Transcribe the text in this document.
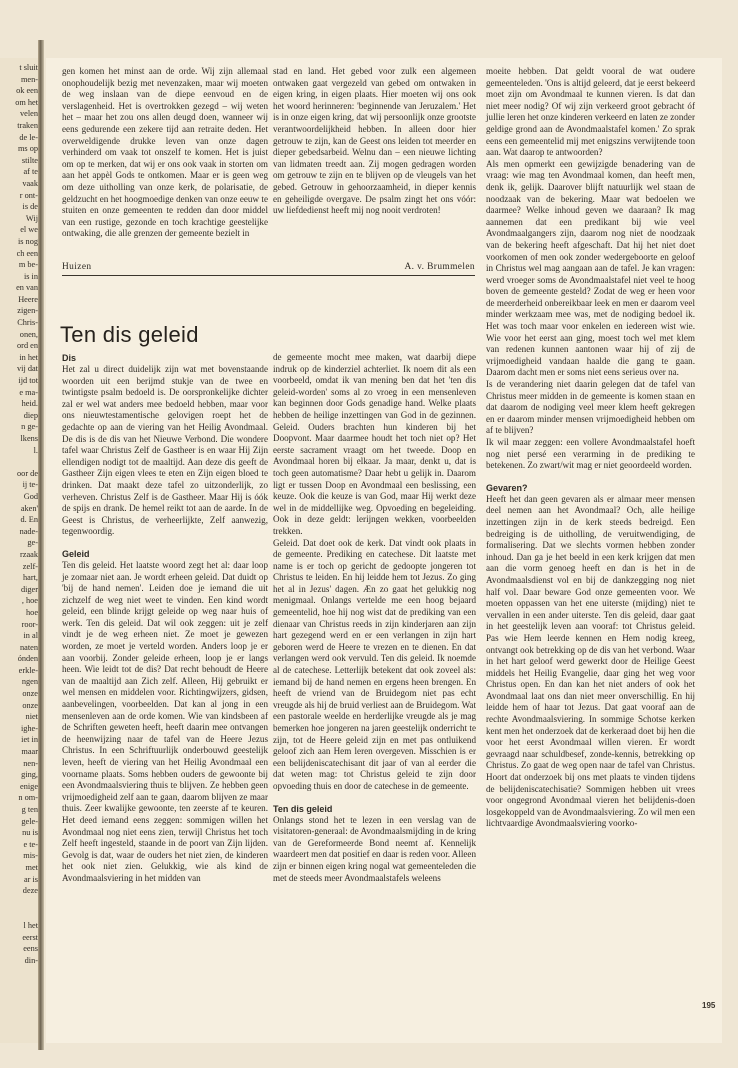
t sluit
men-
ok een
om het
velen
traken
de le-
ms op
stilte
af te
vaak
r ont-
is de
Wij
el we
is nog
ch een
m be-
is in
en van
Heere
zigen-
Chris-
onen,
ord en
in het
vij dat
ijd tot
e ma-
heid.
diep
n ge-
lkens
l.
oor de
ij te-
God
aken'
d. En
nade-
ge-
rzaak
zelf-
hart,
diger
, hoe
hoe
roor-
in al
naten
ónden
erkle-
ngen
onze
onze
niet
ighe-
iet in
maar
nen-
ging,
enige
n om-
g ten
gele-
nu is
e te-
mis-
met
ar is
deze
l het
eerst
eens
din-

gen komen het minst aan de orde. Wij zijn allemaal onophoudelijk bezig met nevenzaken, maar wij moeten de weg inslaan van de diepe eenvoud en de verslagenheid. Het is overtrokken gezegd – wij weten het – maar het zou ons allen deugd doen, wanneer wij eens gedurende een zekere tijd aan retraite deden. Het overweldigende drukke leven van onze dagen verhinderd om vaak tot onszelf te komen. Het is juist om op te merken, dat wij er ons ook vaak in storten om aan het appèl Gods te ontkomen. Maar er is geen weg om deze uitholling van onze kerk, de polarisatie, de geldzucht en het hoogmoedige denken van onze eeuw te stuiten en onze gemeenten te redden dan door middel van een rustige, gezonde en toch krachtige geestelijke ontwaking, die alle grenzen der gemeente bezielt in

stad en land. Het gebed voor zulk een algemeen ontwaken gaat vergezeld van gebed om ontwaken in eigen kring, in eigen plaats. Hier moeten wij ons ook het woord herinneren: 'beginnende van Jeruzalem.' Het is in onze eigen kring, dat wij persoonlijk onze grootste verantwoordelijkheid hebben. In alleen door hier getrouw te zijn, kan de Geest ons leiden tot meerder en dieper gebedsarbeid. Welnu dan – een nieuwe lichting van lidmaten treedt aan. Zij mogen gedragen worden om getrouw te zijn en te blijven op de vleugels van het gebed. Getrouw in gehoorzaamheid, in dieper kennis en geheiligde overgave. De psalm zingt het ons vóór: uw liefdedienst heeft mij nog nooit verdroten!

Huizen	A. v. Brummelen
Ten dis geleid
Dis

Het zal u direct duidelijk zijn wat met bovenstaande woorden uit een berijmd stukje van de twee en twintigste psalm bedoeld is. De oorspronkelijke dichter zal er wel wat anders mee bedoeld hebben, maar voor ons nieuwtestamentische gelovigen roept het de gedachte op aan de viering van het Heilig Avondmaal. De dis is de dis van het Nieuwe Verbond. Die wondere tafel waar Christus Zelf de Gastheer is en waar Hij Zijn ellendigen nodigt tot de maaltijd. Aan deze dis geeft de Gastheer Zijn eigen vlees te eten en Zijn eigen bloed te drinken. Dat maakt deze tafel zo uitzonderlijk, zo verheven. Christus Zelf is de Gastheer. Maar Hij is óók de spijs en drank. De hemel reikt tot aan de aarde. In de Geest is Christus, de verheerlijkte, Zelf aanwezig, tegenwoordig.

Geleid

Ten dis geleid. Het laatste woord zegt het al: daar loop je zomaar niet aan. Je wordt erheen geleid. Dat duidt op 'bij de hand nemen'. Leiden doe je iemand die uit zichzelf de weg niet weet te vinden. Een kind wordt geleid, een blinde krijgt geleide op weg naar huis of werk. Ten dis geleid. Dat wil ook zeggen: uit je zelf vindt je de weg erheen niet. Ze moet je gewezen worden, ze moet je verteld worden. Anders loop je er aan voorbij. Zonder geleide erheen, loop je er langs heen. Wie leidt tot de dis? Dat recht behoudt de Heere van de maaltijd aan Zich zelf. Alleen, Hij gebruikt er wel mensen en middelen voor. Richtingwijzers, gidsen, aanbevelingen, voorbeelden. Dat kan al jong in een mensenleven aan de orde komen. Wie van kindsbeen af de Schriften geweten heeft, heeft daarin mee ontvangen de heenwijzing naar de tafel van de Heere Jezus Christus. In een Schriftuurlijk onderbouwd geestelijk leven, heeft de viering van het Heilig Avondmaal een voorname plaats. Soms hebben ouders de gewoonte bij een Avondmaalsviering thuis te blijven. Ze hebben geen vrijmoedigheid zelf aan te gaan, daarom blijven ze maar thuis. Zeer kwalijke gewoonte, ten zeerste af te keuren. Het deed iemand eens zeggen: sommigen willen het Avondmaal nog niet eens zien, terwijl Christus het toch Zelf heeft ingesteld, staande in de poort van Zijn lijden. Gevolg is dat, waar de ouders het niet zien, de kinderen het ook niet zien. Gelukkig, wie als kind de Avondmaalsviering in het midden van

de gemeente mocht mee maken, wat daarbij diepe indruk op de kinderziel achterliet. Ik noem dit als een voorbeeld, omdat ik van mening ben dat het 'ten dis geleid-worden' soms al zo vroeg in een mensenleven kan beginnen door Gods genadige hand. Welke plaats hebben de heilige inzettingen van God in de gezinnen. Geleid. Ouders brachten hun kinderen bij het Doopvont. Maar daarmee houdt het toch niet op? Het eerste sacrament vraagt om het tweede. Doop en Avondmaal horen bij elkaar. Ja maar, denkt u, dat is toch geen automatisme? Daar hebt u gelijk in. Daarom ligt er tussen Doop en Avondmaal een beslissing, een keuze. Ook die keuze is van God, maar Hij werkt deze wel in de middellijke weg. Opvoeding en begeleiding. Ook in deze geldt: lerijngen wekken, voorbeelden trekken.

Geleid. Dat doet ook de kerk. Dat vindt ook plaats in de gemeente. Prediking en catechese. Dit laatste met name is er toch op gericht de gedoopte jongeren tot Christus te leiden. En hij leidde hem tot Jezus. Zo ging het al in Jezus' dagen. Æn zo gaat het gelukkig nog menigmaal. Onlangs vertelde me een hoog bejaard gemeentelid, hoe hij nog wist dat de prediking van een dienaar van Christus reeds in zijn kinderjaren aan zijn hart gezegend werd en er een verlangen in zijn hart geboren werd de Heere te vrezen en te dienen. En dat verlangen werd ook vervuld. Ten dis geleid. Ik noemde al de catechese. Letterlijk betekent dat ook zoveel als: iemand bij de hand nemen en ergens heen brengen. En heeft de vriend van de Bruidegom niet pas echt vreugde als hij de bruid verliest aan de Bruidegom. Wat een pastorale weelde en herderlijke vreugde als je mag bemerken hoe jongeren na jaren geestelijk onderricht te zijn, tot de Heere geleid zijn en met pas ontluikend geloof zich aan Hem leren overgeven. Misschien is er een belijdeniscatechisant dit jaar of van al eerder die dat weten mag: tot Christus geleid te zijn door opvoeding thuis en door de catechese in de gemeente.

Ten dis geleid

Onlangs stond het te lezen in een verslag van de visitatoren-generaal: de Avondmaalsmijding in de kring van de Gereformeerde Bond neemt af. Kennelijk waardeert men dat positief en daar is reden voor. Alleen zijn er binnen eigen kring nogal wat gemeenteleden die met de steeds meer Avondmaalstafels weleens

moeite hebben. Dat geldt vooral de wat oudere gemeenteleden. 'Ons is altijd geleerd, dat je eerst bekeerd moet zijn om Avondmaal te kunnen vieren. Is dat dan niet meer nodig? Of wij zijn verkeerd groot gebracht óf jullie leren het onze kinderen verkeerd en laten ze zonder geldige grond aan de Avondmaalstafel komen.' Zo sprak eens een gemeentelid mij met enigszins verwijtende toon aan. Wat daarop te antwoorden?

Als men opmerkt een gewijzigde benadering van de vraag: wie mag ten Avondmaal komen, dan heeft men, denk ik, gelijk. Daarover blijft natuurlijk wel staan de noodzaak van de bekering. Maar wat bedoelen we daarmee? Welke inhoud geven we daaraan? Ik mag aannemen dat een predikant bij wie veel Avondmaalgangers zijn, daarom nog niet de noodzaak van de bekering heeft afgeschaft. Dat hij het niet doet voorkomen of men ook zonder wedergeboorte en geloof in Christus wel mag aangaan aan de tafel. Je kan vragen: werd vroeger soms de Avondmaalstafel niet veel te hoog boven de gemeente gesteld? Zodat de weg er heen voor de meerderheid onbereikbaar leek en men er daarom veel minder werkzaam mee was, met de nodiging bedoel ik. Het was toch maar voor enkelen en iedereen wist wie. Wie voor het eerst aan ging, moest toch wel met klem van redenen kunnen aantonen waar hij of zij de vrijmoedigheid vandaan haalde die gang te gaan. Daarom dacht men er soms niet eens serieus over na.

Is de verandering niet daarin gelegen dat de tafel van Christus meer midden in de gemeente is komen staan en dat daarom de nodiging veel meer klem heeft gekregen en er daarom minder mensen vrijmoedigheid hebben om af te blijven?

Ik wil maar zeggen: een vollere Avondmaalstafel hoeft nog niet persé een verarming in de prediking te betekenen. Zo zwart/wit mag er niet geoordeeld worden.

Gevaren?

Heeft het dan geen gevaren als er almaar meer mensen deel nemen aan het Avondmaal? Och, alle heilige inzettingen zijn in de kerk steeds bedreigd. Een bedreiging is de uitholling, de veruitwendiging, de formalisering. Dat we slechts vormen hebben zonder inhoud. Dan ga je het beeld in een kerk krijgen dat men aan die vorm genoeg heeft en dan is het in de Avondmaalsdienst vol en bij de dankzegging nog niet half vol. Daar beware God onze gemeenten voor. We moeten oppassen van het ene uiterste (mijding) niet te vervallen in een ander uiterste. Ten dis geleid, daar gaat in het geestelijk leven aan vooraf: tot Christus geleid. Pas wie Hem leerde kennen en Hem nodig kreeg, ontvangt ook betrekking op de dis van het verbond. Waar in het hart geloof werd gewerkt door de Heilige Geest middels het Heilig Evangelie, daar ging het weg voor Christus open. En dan kan het niet anders of ook het Avondmaal laat ons dan niet meer onverschillig. En hij leidde hem of haar tot Jezus. Dat gaat vooraf aan de rechte Avondmaalsviering. In sommige Schotse kerken kent men het onderzoek dat de kerkeraad doet bij hen die voor het eerst Avondmaal willen vieren. Er wordt gevraagd naar schuldbesef, zonde-kennis, betrekking op Christus. Zo gaat de weg open naar de tafel van Christus. Hoort dat onderzoek bij ons met plaats te vinden tijdens de belijdeniscatechisatie? Sommigen hebben uit vrees voor ongegrond Avondmaal vieren het belijdenis-doen losgekoppeld van de Avondmaalsviering. Zo wil men een lichtvaardige Avondmaalsviering voorko-

195
